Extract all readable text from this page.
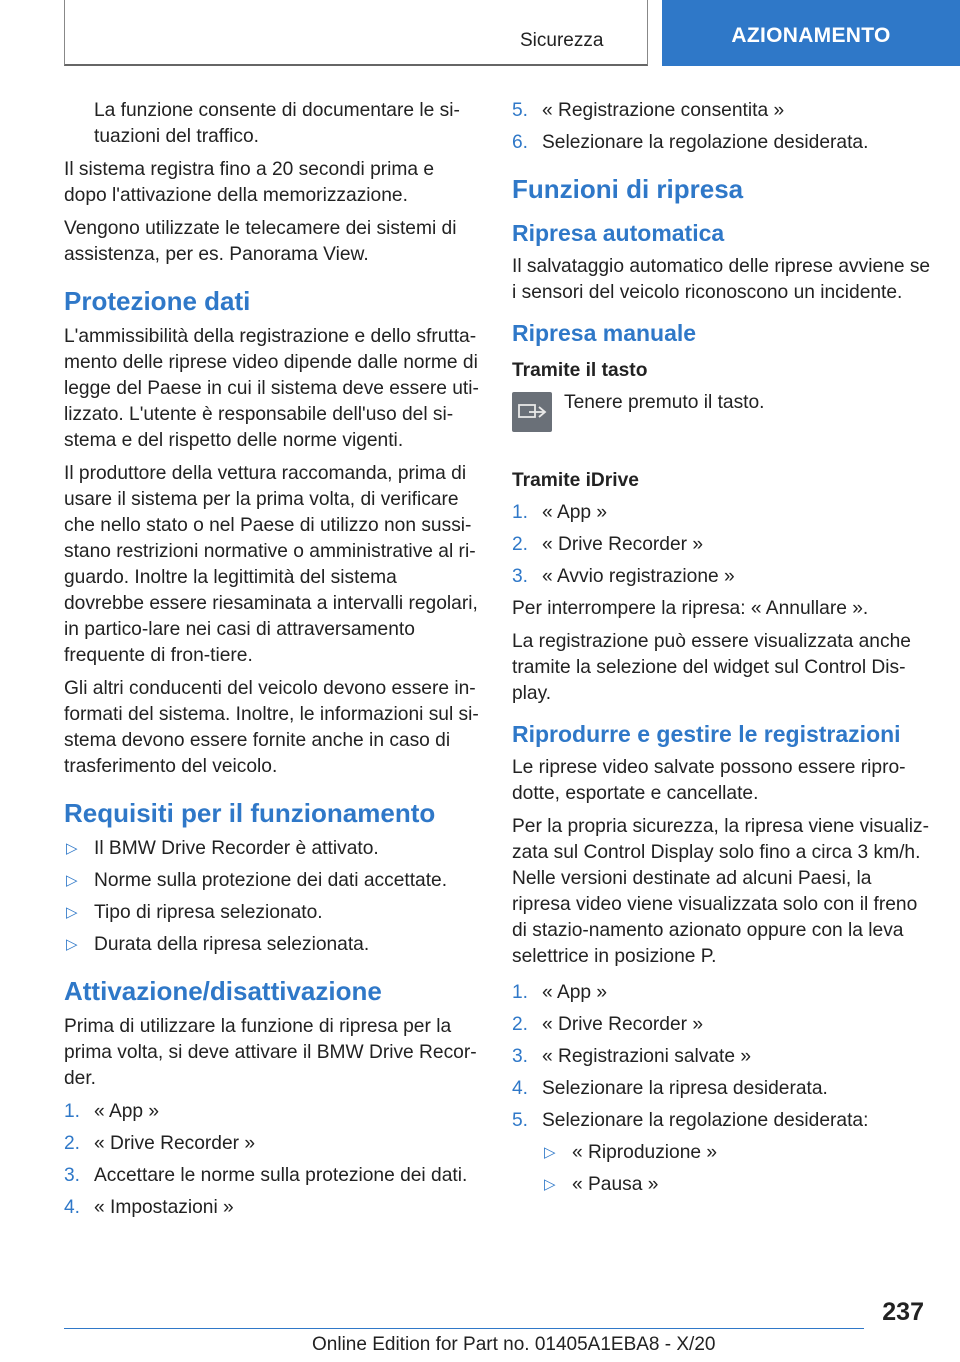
Sicurezza	AZIONAMENTO

La funzione consente di documentare le si-tuazioni del traffico.

Il sistema registra fino a 20 secondi prima e dopo l'attivazione della memorizzazione.

Vengono utilizzate le telecamere dei sistemi di assistenza, per es. Panorama View.

Protezione dati

L'ammissibilità della registrazione e dello sfrutta-mento delle riprese video dipende dalle norme di legge del Paese in cui il sistema deve essere uti-lizzato. L'utente è responsabile dell'uso del si-stema e del rispetto delle norme vigenti.

Il produttore della vettura raccomanda, prima di usare il sistema per la prima volta, di verificare che nello stato o nel Paese di utilizzo non sussi-stano restrizioni normative o amministrative al ri-guardo. Inoltre la legittimità del sistema dovrebbe essere riesaminata a intervalli regolari, in partico-lare nei casi di attraversamento frequente di fron-tiere.

Gli altri conducenti del veicolo devono essere in-formati del sistema. Inoltre, le informazioni sul si-stema devono essere fornite anche in caso di trasferimento del veicolo.

Requisiti per il funzionamento
▷ Il BMW Drive Recorder è attivato.
▷ Norme sulla protezione dei dati accettate.
▷ Tipo di ripresa selezionato.
▷ Durata della ripresa selezionata.
Attivazione/disattivazione

Prima di utilizzare la funzione di ripresa per la prima volta, si deve attivare il BMW Drive Recor-der.

1. « App »
2. « Drive Recorder »
3. Accettare le norme sulla protezione dei dati.
4. « Impostazioni »
5. « Registrazione consentita »
6. Selezionare la regolazione desiderata.
Funzioni di ripresa
Ripresa automatica

Il salvataggio automatico delle riprese avviene se i sensori del veicolo riconoscono un incidente.

Ripresa manuale
Tramite il tasto

Tenere premuto il tasto.

Tramite iDrive
1. « App »
2. « Drive Recorder »
3. « Avvio registrazione »

Per interrompere la ripresa: « Annullare ».

La registrazione può essere visualizzata anche tramite la selezione del widget sul Control Dis-play.

Riprodurre e gestire le registrazioni

Le riprese video salvate possono essere ripro-dotte, esportate e cancellate.

Per la propria sicurezza, la ripresa viene visualiz-zata sul Control Display solo fino a circa 3 km/h. Nelle versioni destinate ad alcuni Paesi, la ripresa video viene visualizzata solo con il freno di stazio-namento azionato oppure con la leva selettrice in posizione P.

1. « App »
2. « Drive Recorder »
3. « Registrazioni salvate »
4. Selezionare la ripresa desiderata.
5. Selezionare la regolazione desiderata:
▷ « Riproduzione »
▷ « Pausa »
237
Online Edition for Part no. 01405A1EBA8 - X/20
